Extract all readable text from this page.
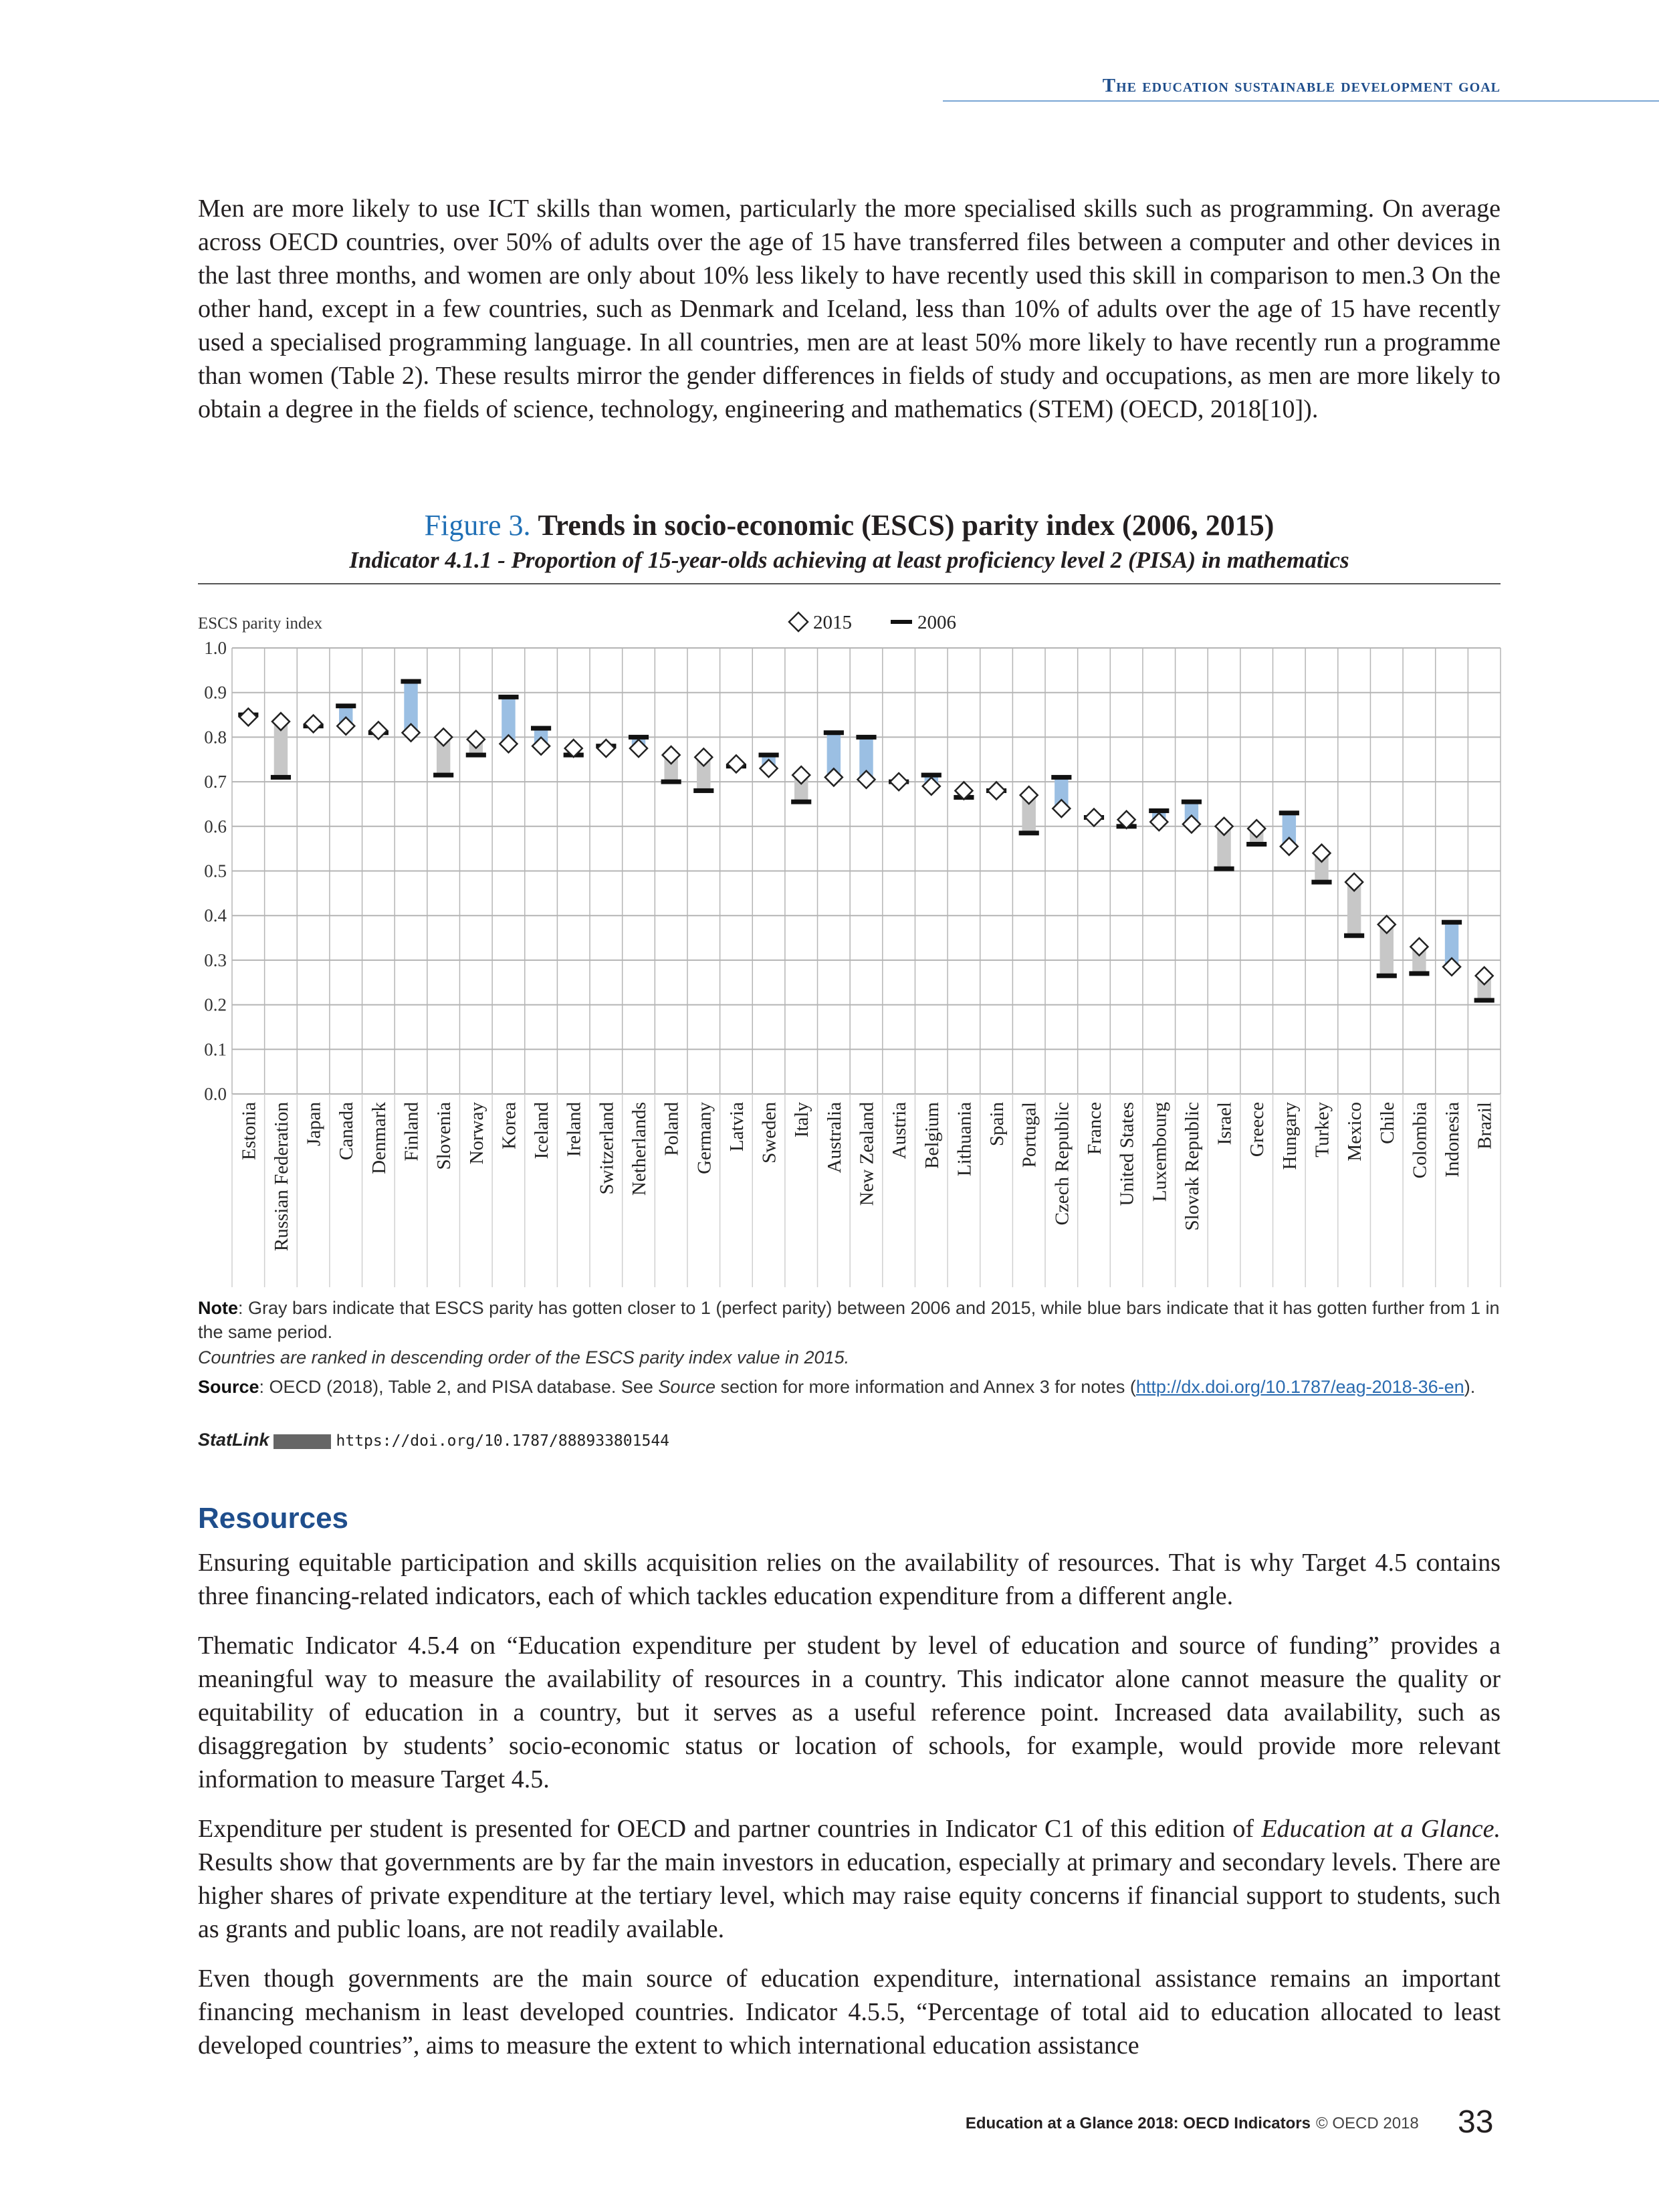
The education sustainable development goal
Men are more likely to use ICT skills than women, particularly the more specialised skills such as programming. On average across OECD countries, over 50% of adults over the age of 15 have transferred files between a computer and other devices in the last three months, and women are only about 10% less likely to have recently used this skill in comparison to men.3 On the other hand, except in a few countries, such as Denmark and Iceland, less than 10% of adults over the age of 15 have recently used a specialised programming language. In all countries, men are at least 50% more likely to have recently run a programme than women (Table 2). These results mirror the gender differences in fields of study and occupations, as men are more likely to obtain a degree in the fields of science, technology, engineering and mathematics (STEM) (OECD, 2018[10]).
Figure 3. Trends in socio-economic (ESCS) parity index (2006, 2015)
Indicator 4.1.1 - Proportion of 15-year-olds achieving at least proficiency level 2 (PISA) in mathematics
0.0
0.1
0.2
0.3
0.4
0.5
0.6
0.7
0.8
0.9
1.0
Estonia Russian Federation Japan Canada Denmark Finland Slovenia Norway Korea Iceland Ireland Switzerland Netherlands Poland Germany Latvia Sweden Italy Australia New Zealand Austria Belgium Lithuania Spain Portugal Czech Republic France United States Luxembourg Slovak Republic Israel Greece Hungary Turkey Mexico Chile Colombia Indonesia Brazil
ESCS parity index	2015	2006
Note: Gray bars indicate that ESCS parity has gotten closer to 1 (perfect parity) between 2006 and 2015, while blue bars indicate that it has gotten further from 1 in the same period.
Countries are ranked in descending order of the ESCS parity index value in 2015.
Source: OECD (2018), Table 2, and PISA database. See Source section for more information and Annex 3 for notes (http://dx.doi.org/10.1787/eag-2018-36-en).
StatLink	https://doi.org/10.1787/888933801544
Resources
Ensuring equitable participation and skills acquisition relies on the availability of resources. That is why Target 4.5 contains three financing-related indicators, each of which tackles education expenditure from a different angle.
Thematic Indicator 4.5.4 on “Education expenditure per student by level of education and source of funding” provides a meaningful way to measure the availability of resources in a country. This indicator alone cannot measure the quality or equitability of education in a country, but it serves as a useful reference point. Increased data availability, such as disaggregation by students’ socio-economic status or location of schools, for example, would provide more relevant information to measure Target 4.5.
Expenditure per student is presented for OECD and partner countries in Indicator C1 of this edition of Education at a Glance. Results show that governments are by far the main investors in education, especially at primary and secondary levels. There are higher shares of private expenditure at the tertiary level, which may raise equity concerns if financial support to students, such as grants and public loans, are not readily available.
Even though governments are the main source of education expenditure, international assistance remains an important financing mechanism in least developed countries. Indicator 4.5.5, “Percentage of total aid to education allocated to least developed countries”, aims to measure the extent to which international education assistance
Education at a Glance 2018: OECD Indicators © OECD 2018 33
